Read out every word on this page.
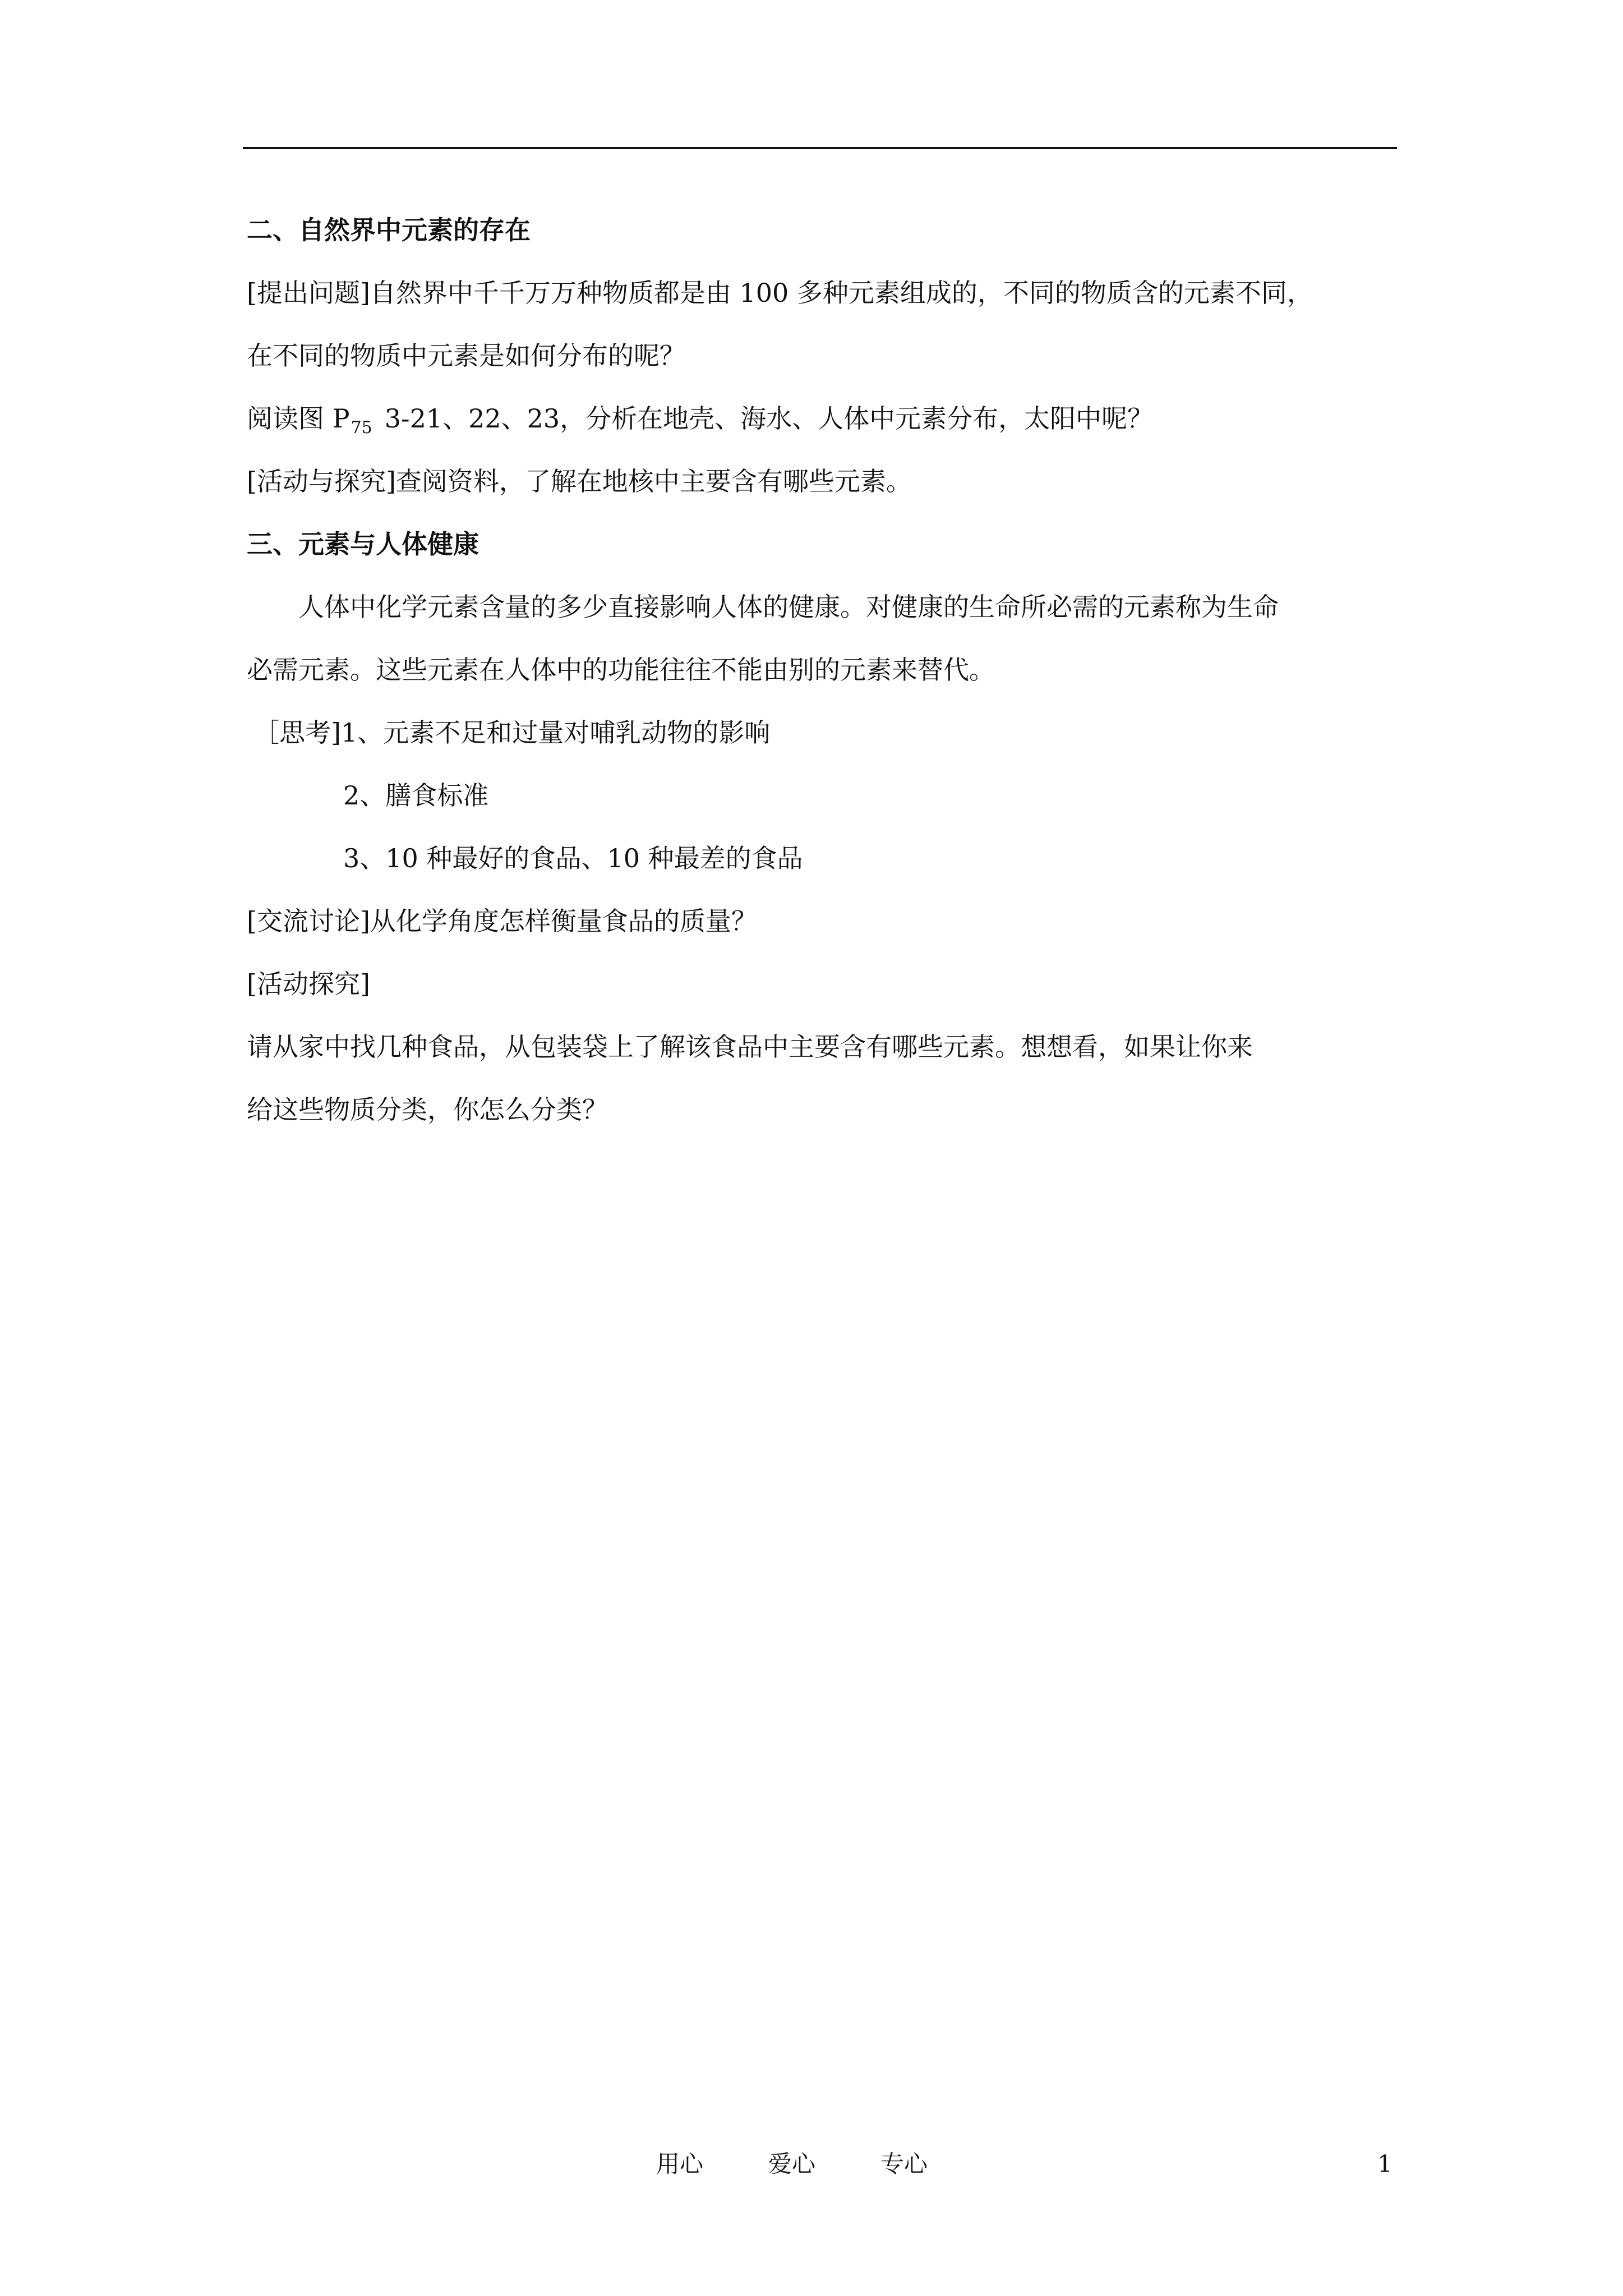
二、自然界中元素的存在
[提出问题]自然界中千千万万种物质都是由 100 多种元素组成的，不同的物质含的元素不同，
在不同的物质中元素是如何分布的呢？
阅读图 $P_{75}$ 3-21、22、23，分析在地壳、海水、人体中元素分布，太阳中呢？
[活动与探究]查阅资料，了解在地核中主要含有哪些元素。
三、元素与人体健康
人体中化学元素含量的多少直接影响人体的健康。对健康的生命所必需的元素称为生命
必需元素。这些元素在人体中的功能往往不能由别的元素来替代。
［思考]1、元素不足和过量对哺乳动物的影响
2、膳食标准
3、10 种最好的食品、10 种最差的食品
[交流讨论]从化学角度怎样衡量食品的质量？
[活动探究]
请从家中找几种食品，从包装袋上了解该食品中主要含有哪些元素。想想看，如果让你来
给这些物质分类，你怎么分类？
用心	爱心	专心	1
